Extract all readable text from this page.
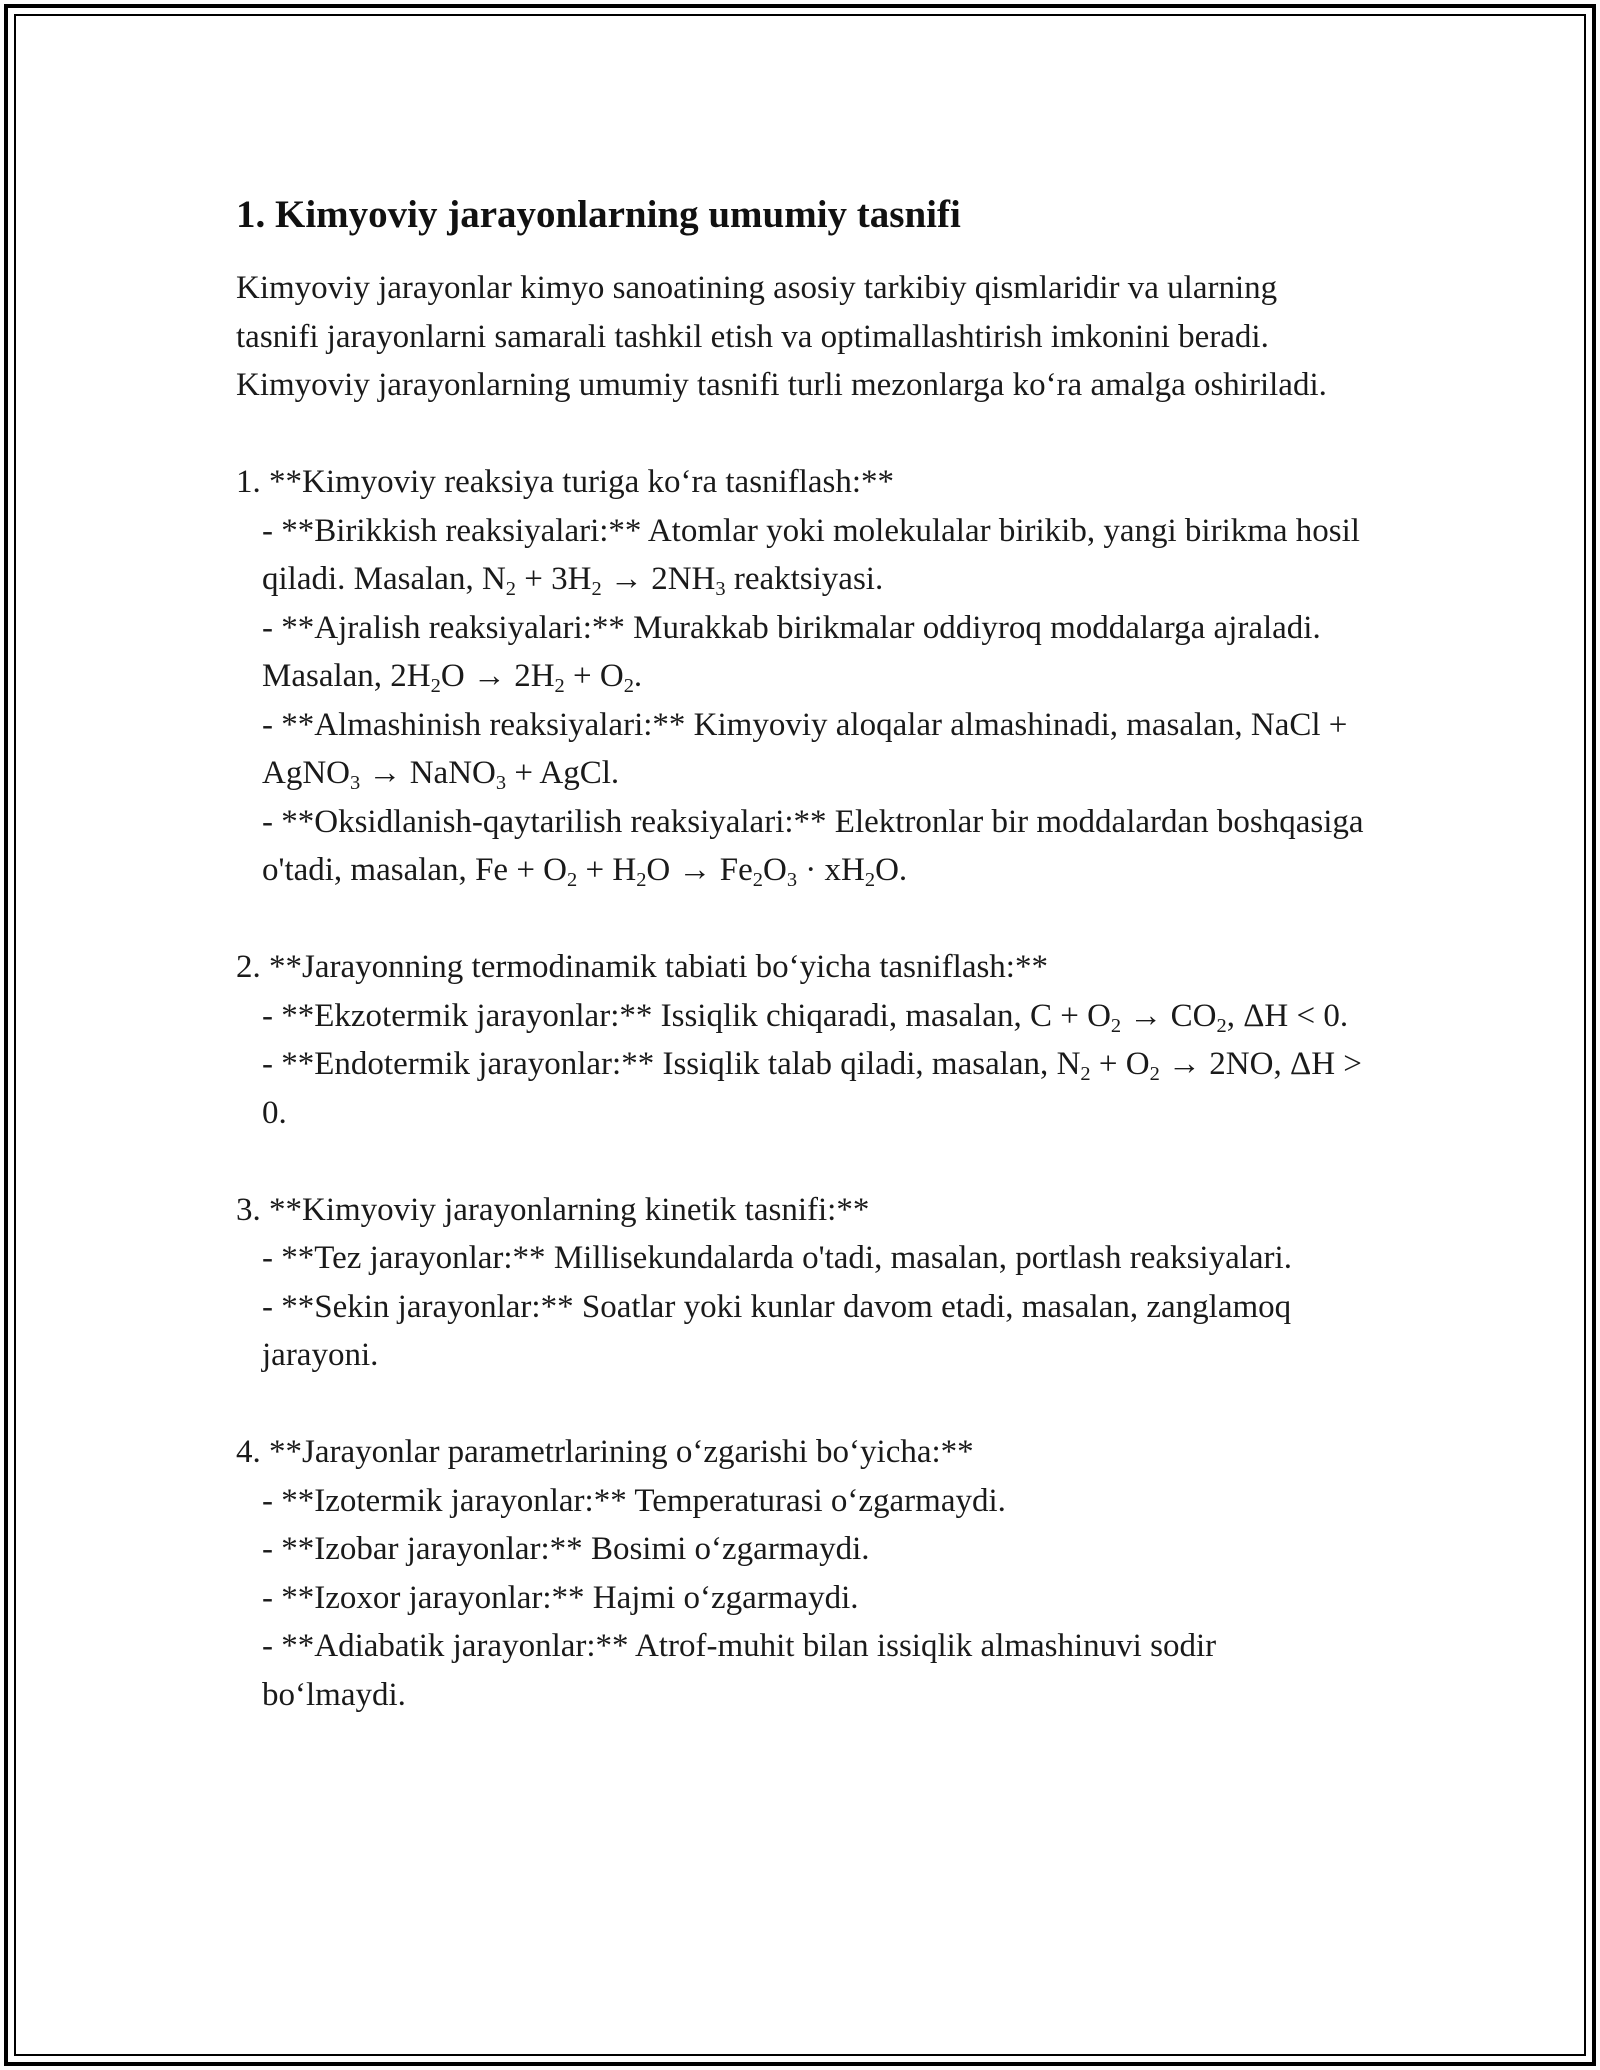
1. Kimyoviy jarayonlarning umumiy tasnifi

Kimyoviy jarayonlar kimyo sanoatining asosiy tarkibiy qismlaridir va ularning tasnifi jarayonlarni samarali tashkil etish va optimallashtirish imkonini beradi. Kimyoviy jarayonlarning umumiy tasnifi turli mezonlarga ko‘ra amalga oshiriladi.

1. **Kimyoviy reaksiya turiga ko‘ra tasniflash:**

- **Birikkish reaksiyalari:** Atomlar yoki molekulalar birikib, yangi birikma hosil qiladi. Masalan, $N_2 + 3H_2 \to 2NH_3$ reaktsiyasi.

- **Ajralish reaksiyalari:** Murakkab birikmalar oddiyroq moddalarga ajraladi. Masalan, $2H_2O \to 2H_2 + O_2$.

- **Almashinish reaksiyalari:** Kimyoviy aloqalar almashinadi, masalan, NaCl + AgNO$_3$ → NaNO$_3$ + AgCl.

- **Oksidlanish-qaytarilish reaksiyalari:** Elektronlar bir moddalardan boshqasiga o'tadi, masalan, $Fe + O_2 + H_2O \to Fe_2O_3 \cdot xH_2O$.

2. **Jarayonning termodinamik tabiati bo‘yicha tasniflash:**

- **Ekzotermik jarayonlar:** Issiqlik chiqaradi, masalan, $C + O_2 \to CO_2$, ΔH < 0.

- **Endotermik jarayonlar:** Issiqlik talab qiladi, masalan, $N_2 + O_2 \to 2NO$, ΔH > 0.

3. **Kimyoviy jarayonlarning kinetik tasnifi:**

- **Tez jarayonlar:** Millisekundalarda o'tadi, masalan, portlash reaksiyalari.

- **Sekin jarayonlar:** Soatlar yoki kunlar davom etadi, masalan, zanglamoq jarayoni.

4. **Jarayonlar parametrlarining o‘zgarishi bo‘yicha:**

- **Izotermik jarayonlar:** Temperaturasi o‘zgarmaydi.

- **Izobar jarayonlar:** Bosimi o‘zgarmaydi.

- **Izoxor jarayonlar:** Hajmi o‘zgarmaydi.

- **Adiabatik jarayonlar:** Atrof-muhit bilan issiqlik almashinuvi sodir bo‘lmaydi.
